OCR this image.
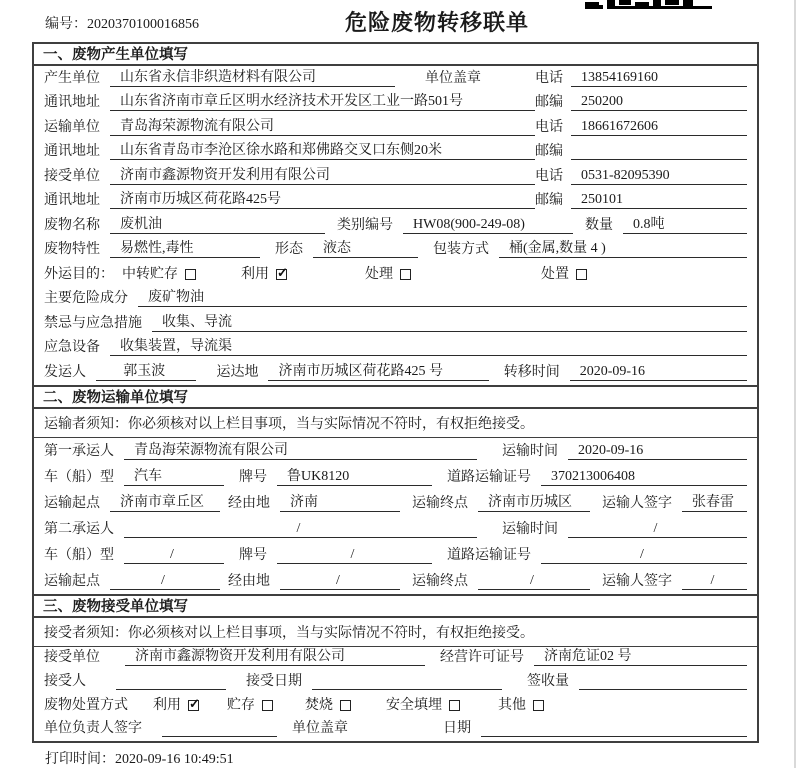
编号：2020370100016856	危险废物转移联单
一、废物产生单位填写
产生单位	山东省永信非织造材料有限公司	单位盖章	电话	13854169160
通讯地址	山东省济南市章丘区明水经济技术开发区工业一路501号	邮编	250200
运输单位	青岛海荣源物流有限公司	电话	18661672606
通讯地址	山东省青岛市李沧区徐水路和郑佛路交叉口东侧20米	邮编
接受单位	济南市鑫源物资开发利用有限公司	电话	0531-82095390
通讯地址	济南市历城区荷花路425号	邮编	250101
废物名称	废机油	类别编号	HW08(900-249-08)	数量	0.8吨
废物特性	易燃性,毒性	形态	液态	包装方式	桶(金属,数量 4 )
外运目的： 中转贮存	利用 ✓	处理	处置
主要危险成分	废矿物油
禁忌与应急措施	收集、导流
应急设备	收集装置，导流渠
发运人	郭玉波	运达地	济南市历城区荷花路425 号	转移时间	2020-09-16
二、废物运输单位填写
运输者须知：你必须核对以上栏目事项，当与实际情况不符时，有权拒绝接受。
第一承运人	青岛海荣源物流有限公司	运输时间	2020-09-16
车（船）型	汽车	牌号	鲁UK8120	道路运输证号	370213006408
运输起点	济南市章丘区	经由地	济南	运输终点	济南市历城区	运输人签字	张春雷
第二承运人	/	运输时间	/
车（船）型	/	牌号	/	道路运输证号	/
运输起点	/	经由地	/	运输终点	/	运输人签字	/
三、废物接受单位填写
接受者须知：你必须核对以上栏目事项，当与实际情况不符时，有权拒绝接受。
接受单位	济南市鑫源物资开发利用有限公司	经营许可证号	济南危证02 号
接受人	接受日期	签收量
废物处置方式 利用 ✓	贮存	焚烧	安全填埋	其他
单位负责人签字	单位盖章	日期
打印时间：2020-09-16 10:49:51
